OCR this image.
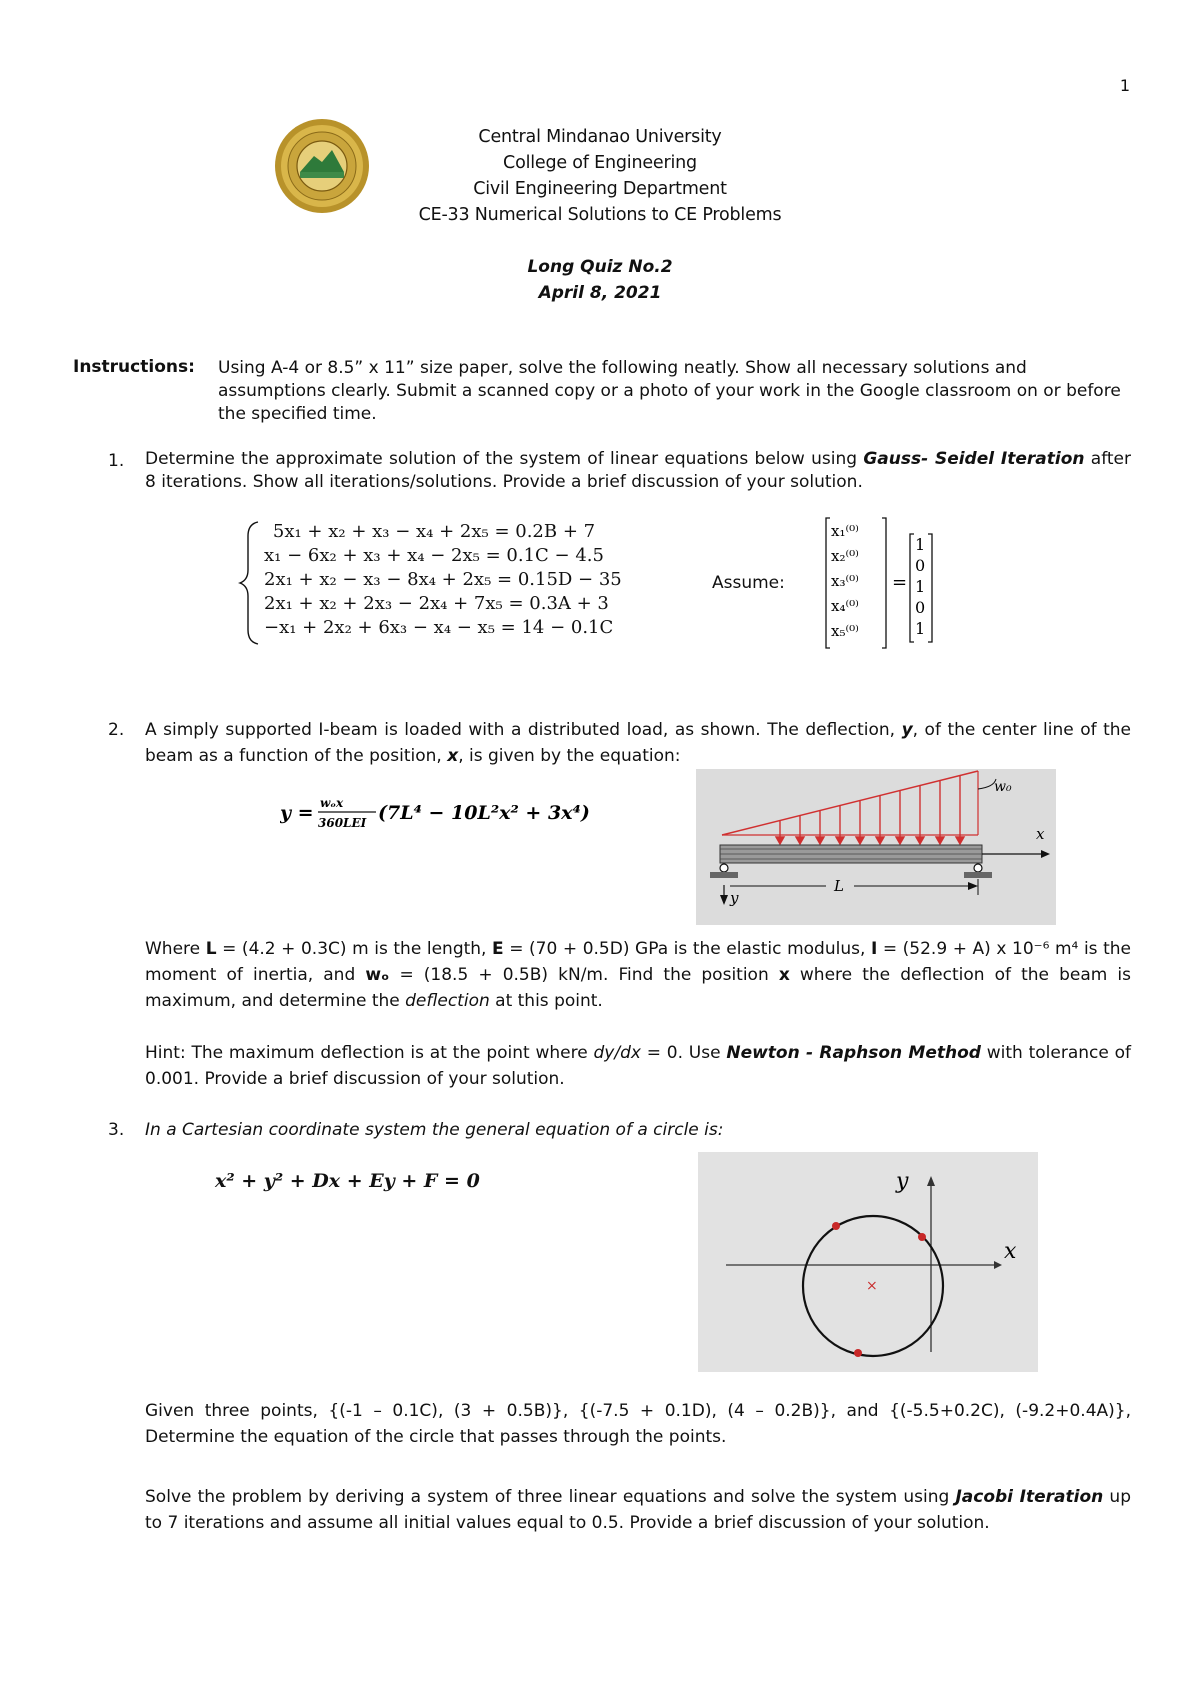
1
Central Mindanao University
College of Engineering
Civil Engineering Department
CE-33 Numerical Solutions to CE Problems
Long Quiz No.2
April 8, 2021
Instructions: Using A-4 or 8.5” x 11” size paper, solve the following neatly. Show all necessary solutions and assumptions clearly. Submit a scanned copy or a photo of your work in the Google classroom on or before the specified time.
1. Determine the approximate solution of the system of linear equations below using Gauss- Seidel Iteration after 8 iterations. Show all iterations/solutions. Provide a brief discussion of your solution.
5x₁ + x₂ + x₃ − x₄ + 2x₅ = 0.2B + 7
x₁ − 6x₂ + x₃ + x₄ − 2x₅ = 0.1C − 4.5
2x₁ + x₂ − x₃ − 8x₄ + 2x₅ = 0.15D − 35
2x₁ + x₂ + 2x₃ − 2x₄ + 7x₅ = 0.3A + 3
−x₁ + 2x₂ + 6x₃ − x₄ − x₅ = 14 − 0.1C
Assume:
x₁⁽⁰⁾
x₂⁽⁰⁾
x₃⁽⁰⁾
x₄⁽⁰⁾
x₅⁽⁰⁾
=
1
0
1
0
1
2. A simply supported I-beam is loaded with a distributed load, as shown. The deflection, y, of the center line of the beam as a function of the position, x, is given by the equation:
y = wₒx
360LEI (7L⁴ − 10L²x² + 3x⁴)
w₀
x
y
L
Where L = (4.2 + 0.3C) m is the length, E = (70 + 0.5D) GPa is the elastic modulus, I = (52.9 + A) x 10⁻⁶ m⁴ is the moment of inertia, and wₒ = (18.5 + 0.5B) kN/m. Find the position x where the deflection of the beam is maximum, and determine the deflection at this point.
Hint: The maximum deflection is at the point where dy/dx = 0. Use Newton - Raphson Method with tolerance of 0.001. Provide a brief discussion of your solution.
3. In a Cartesian coordinate system the general equation of a circle is:
x² + y² + Dx + Ey + F = 0
×
x
y
Given three points, {(-1 – 0.1C), (3 + 0.5B)}, {(-7.5 + 0.1D), (4 – 0.2B)}, and {(-5.5+0.2C), (-9.2+0.4A)}, Determine the equation of the circle that passes through the points.
Solve the problem by deriving a system of three linear equations and solve the system using Jacobi Iteration up to 7 iterations and assume all initial values equal to 0.5. Provide a brief discussion of your solution.
